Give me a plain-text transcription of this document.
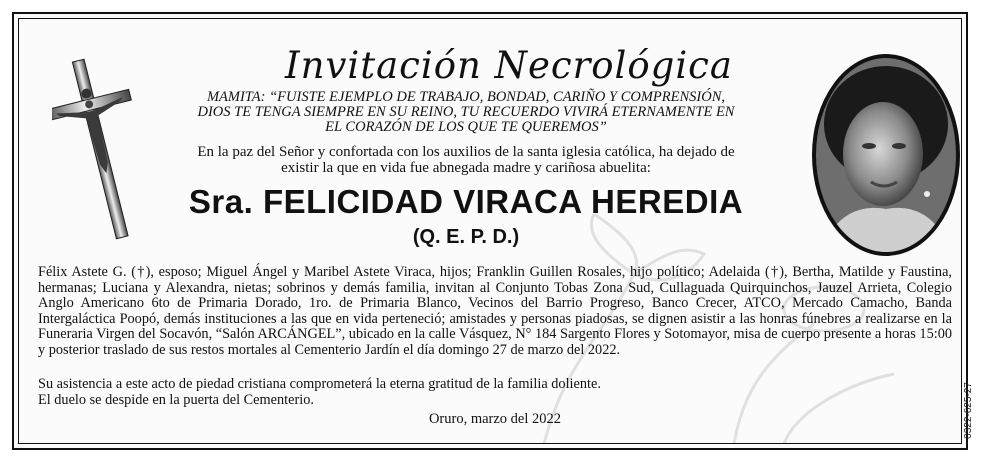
Invitación Necrológica
MAMITA: “FUISTE EJEMPLO DE TRABAJO, BONDAD, CARIÑO Y COMPRENSIÓN,
DIOS TE TENGA SIEMPRE EN SU REINO, TU RECUERDO VIVIRÁ ETERNAMENTE EN
EL CORAZÓN DE LOS QUE TE QUEREMOS”
En la paz del Señor y confortada con los auxilios de la santa iglesia católica, ha dejado de
existir la que en vida fue abnegada madre y cariñosa abuelita:
Sra. FELICIDAD VIRACA HEREDIA
(Q. E. P. D.)

Félix Astete G. (†), esposo; Miguel Ángel y Maribel Astete Viraca, hijos; Franklin Guillen Rosales, hijo político; Adelaida (†), Bertha, Matilde y Faustina, hermanas; Luciana y Alexandra, nietas; sobrinos y demás familia, invitan al Conjunto Tobas Zona Sud, Cullaguada Quirquinchos, Jauzel Arrieta, Colegio Anglo Americano 6to de Primaria Dorado, 1ro. de Primaria Blanco, Vecinos del Barrio Progreso, Banco Crecer, ATCO, Mercado Camacho, Banda Intergaláctica Poopó, demás instituciones a las que en vida perteneció; amistades y personas piadosas, se dignen asistir a las honras fúnebres a realizarse en la Funeraria Virgen del Socavón, “Salón ARCÁNGEL”, ubicado en la calle Vásquez, N° 184 Sargento Flores y Sotomayor, misa de cuerpo presente a horas 15:00 y posterior traslado de sus restos mortales al Cementerio Jardín el día domingo 27 de marzo del 2022.

Su asistencia a este acto de piedad cristiana comprometerá la eterna gratitud de la familia doliente.

El duelo se despide en la puerta del Cementerio.

Oruro, marzo del 2022	0322-625-27
